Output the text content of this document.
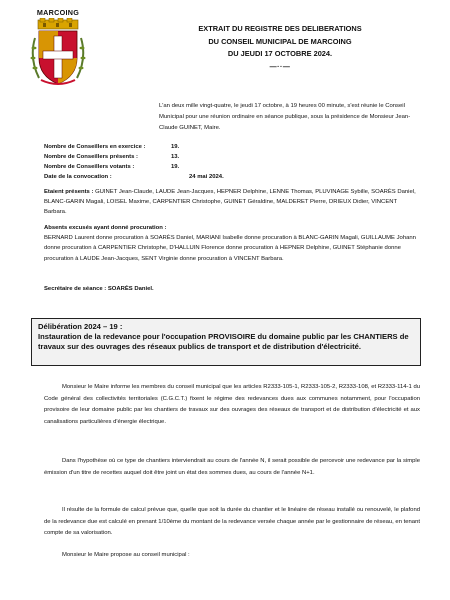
MARCOING
EXTRAIT DU REGISTRE DES DELIBERATIONS
DU CONSEIL MUNICIPAL DE MARCOING
DU JEUDI 17 OCTOBRE 2024.
—··—
L'an deux mille vingt-quatre, le jeudi 17 octobre, à 19 heures 00 minute, s'est réunie le Conseil Municipal pour une réunion ordinaire en séance publique, sous la présidence de Monsieur Jean-Claude GUINET, Maire.
Nombre de Conseillers en exercice :	19.
Nombre de Conseillers présents :	13.
Nombre de Conseillers votants :	19.
Date de la convocation :	24 mai 2024.
Etaient présents : GUINET Jean-Claude, LAUDE Jean-Jacques, HEPNER Delphine, LENNE Thomas, PLUVINAGE Sybille, SOARÈS Daniel, BLANC-GARIN Magali, LOISEL Maxime, CARPENTIER Christophe, GUINET Géraldine, MALDERET Pierre, DRIEUX Didier, VINCENT Barbara.
Absents excusés ayant donné procuration :
BERNARD Laurent donne procuration à SOARÈS Daniel, MARIANI Isabelle donne procuration à BLANC-GARIN Magali, GUILLAUME Johann donne procuration à CARPENTIER Christophe, D'HALLUIN Florence donne procuration à HEPNER Delphine, GUINET Stéphanie donne procuration à LAUDE Jean-Jacques, SENT Virginie donne procuration à VINCENT Barbara.
Secrétaire de séance : SOARÈS Daniel.
Délibération 2024 – 19 :
Instauration de la redevance pour l'occupation PROVISOIRE du domaine public par les CHANTIERS de travaux sur des ouvrages des réseaux publics de transport et de distribution d'électricité.
Monsieur le Maire informe les membres du conseil municipal que les articles R2333-105-1, R2333-105-2, R2333-108, et R2333-114-1 du Code général des collectivités territoriales (C.G.C.T.) fixent le régime des redevances dues aux communes notamment, pour l'occupation provisoire de leur domaine public par les chantiers de travaux sur des ouvrages des réseaux de transport et de distribution d'électricité et aux canalisations particulières d'énergie électrique.
Dans l'hypothèse où ce type de chantiers interviendrait au cours de l'année N, il serait possible de percevoir une redevance par la simple émission d'un titre de recettes auquel doit être joint un état des sommes dues, au cours de l'année N+1.
Il résulte de la formule de calcul prévue que, quelle que soit la durée du chantier et le linéaire de réseau installé ou renouvelé, le plafond de la redevance due est calculé en prenant 1/10ème du montant de la redevance versée chaque année par le gestionnaire de réseau, en tenant compte de sa valorisation.
Monsieur le Maire propose au conseil municipal :
